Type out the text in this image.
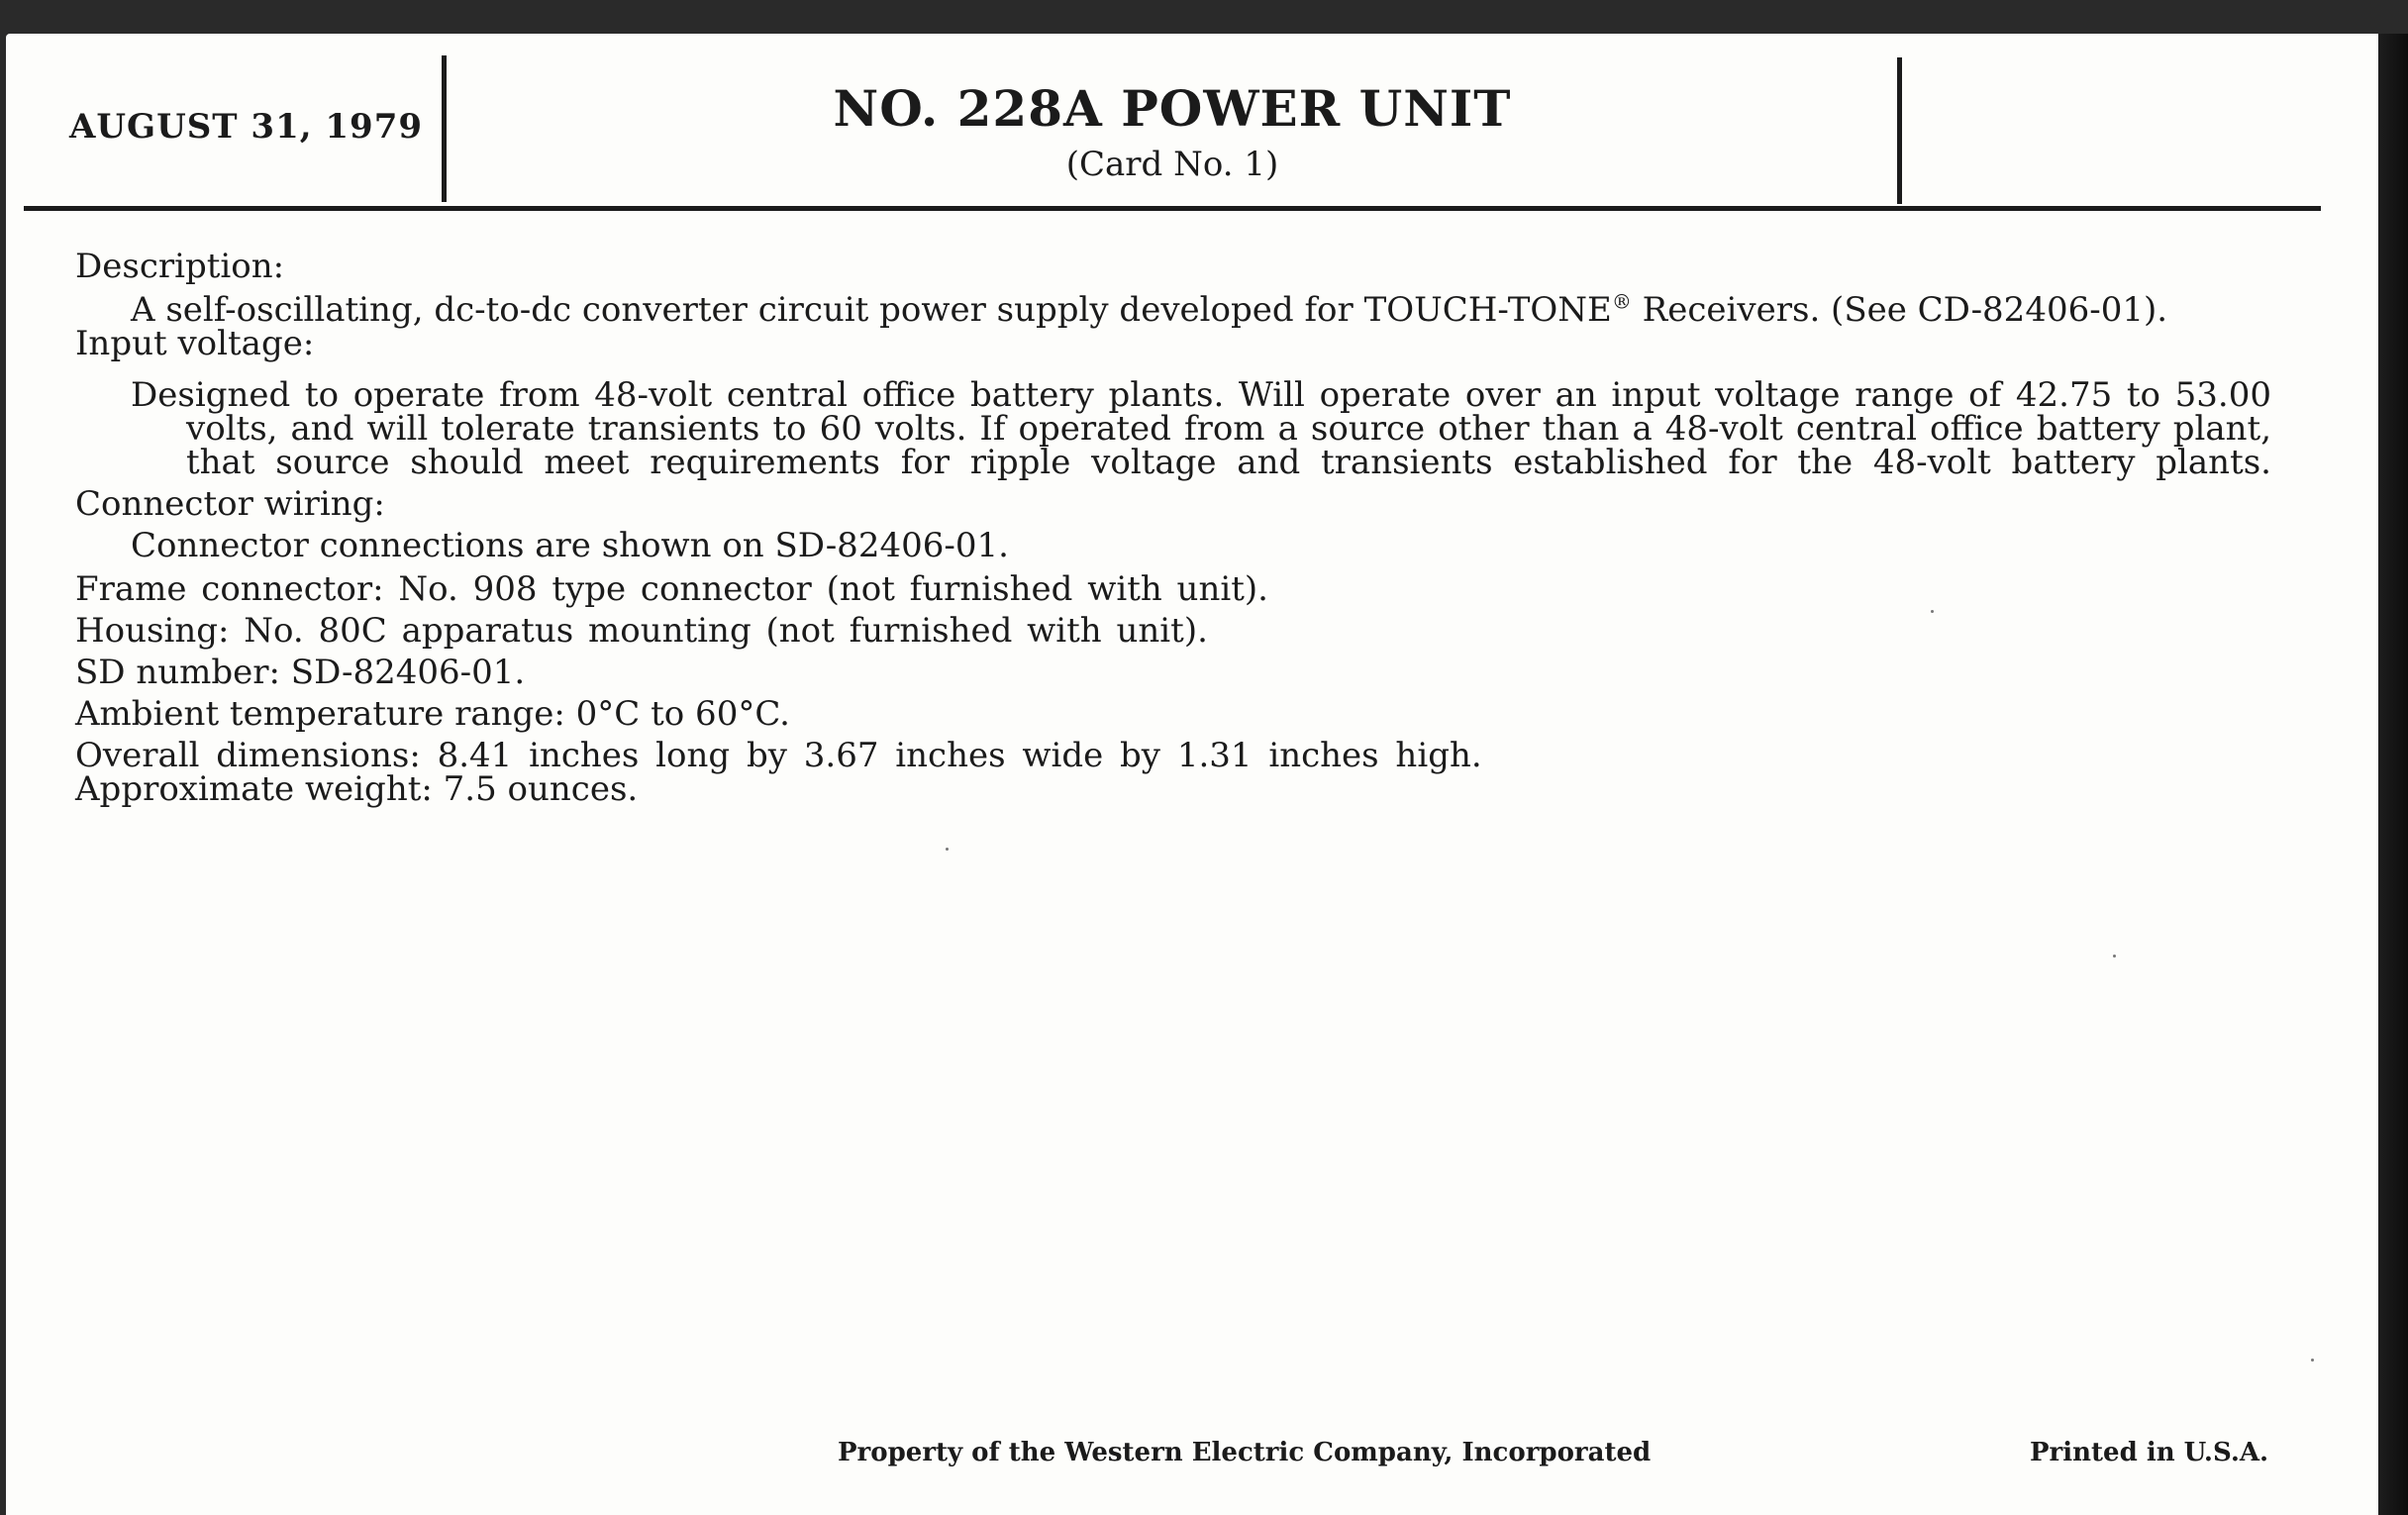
AUGUST 31, 1979	NO. 228A POWER UNIT
(Card No. 1)

Description:

A self-oscillating, dc-to-dc converter circuit power supply developed for TOUCH-TONE® Receivers. (See CD-82406-01).

Input voltage:

Designed to operate from 48-volt central office battery plants. Will operate over an input voltage range of 42.75 to 53.00 volts, and will tolerate transients to 60 volts. If operated from a source other than a 48-volt central office battery plant, that source should meet requirements for ripple voltage and transients established for the 48-volt battery plants.

Connector wiring:

Connector connections are shown on SD-82406-01.

Frame connector: No. 908 type connector (not furnished with unit).

Housing: No. 80C apparatus mounting (not furnished with unit).

SD number: SD-82406-01.

Ambient temperature range: 0°C to 60°C.

Overall dimensions: 8.41 inches long by 3.67 inches wide by 1.31 inches high.

Approximate weight: 7.5 ounces.

Property of the Western Electric Company, Incorporated	Printed in U.S.A.
